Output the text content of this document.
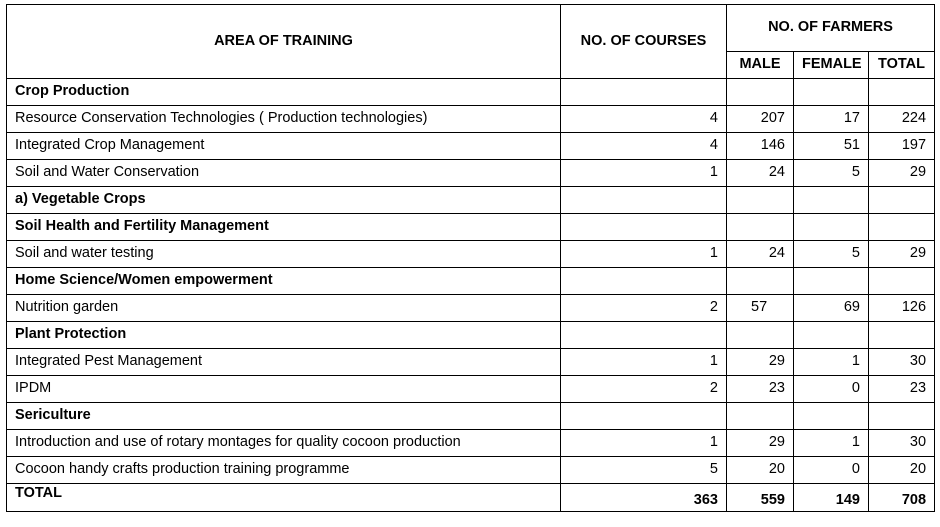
AREA OF TRAINING	NO. OF COURSES	NO. OF FARMERS		
		MALE	FEMALE	TOTAL
Crop Production				
Resource Conservation Technologies ( Production technologies)	4	207	17	224
Integrated Crop Management	4	146	51	197
Soil and Water Conservation	1	24	5	29
a) Vegetable Crops				
Soil Health and Fertility Management				
Soil and water testing	1	24	5	29
Home Science/Women empowerment				
Nutrition garden	2	57	69	126
Plant Protection				
Integrated Pest Management	1	29	1	30
IPDM	2	23	0	23
Sericulture				
Introduction and use of rotary montages for quality cocoon production	1	29	1	30
Cocoon handy crafts production training programme	5	20	0	20
TOTAL	363	559	149	708
